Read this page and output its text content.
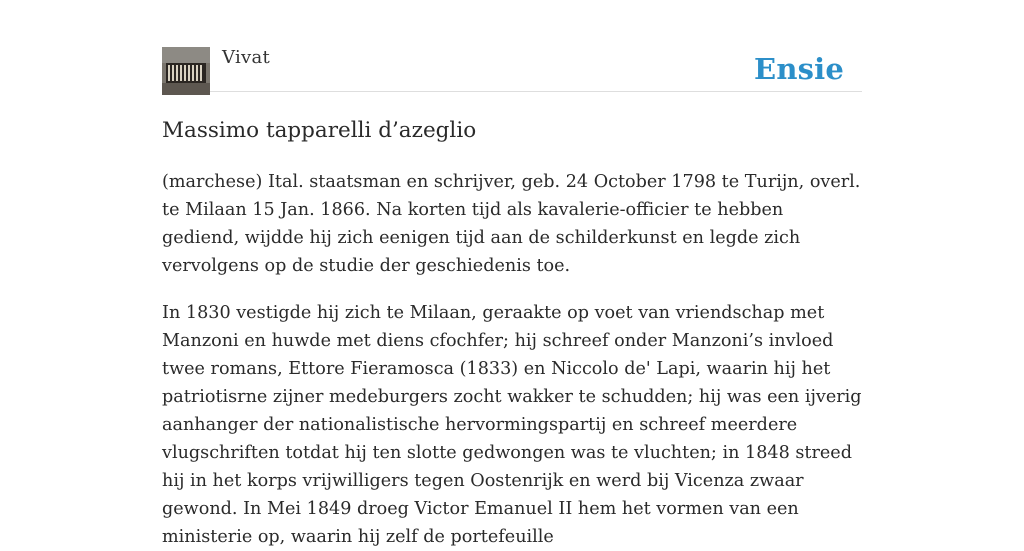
Vivat	Ensie
Massimo tapparelli d’azeglio

(marchese) Ital. staatsman en schrijver, geb. 24 October 1798 te Turijn, overl. te Milaan 15 Jan. 1866. Na korten tijd als kavalerie-officier te hebben gediend, wijdde hij zich eenigen tijd aan de schilderkunst en legde zich vervolgens op de studie der geschiedenis toe.

In 1830 vestigde hij zich te Milaan, geraakte op voet van vriendschap met Manzoni en huwde met diens cfochfer; hij schreef onder Manzoni’s invloed twee romans, Ettore Fieramosca (1833) en Niccolo de' Lapi, waarin hij het patriotisrne zijner medeburgers zocht wakker te schudden; hij was een ijverig aanhanger der nationalistische hervormingspartij en schreef meerdere vlugschriften totdat hij ten slotte gedwongen was te vluchten; in 1848 streed hij in het korps vrijwilligers tegen Oostenrijk en werd bij Vicenza zwaar gewond. In Mei 1849 droeg Victor Emanuel II hem het vormen van een ministerie op, waarin hij zelf de portefeuille
